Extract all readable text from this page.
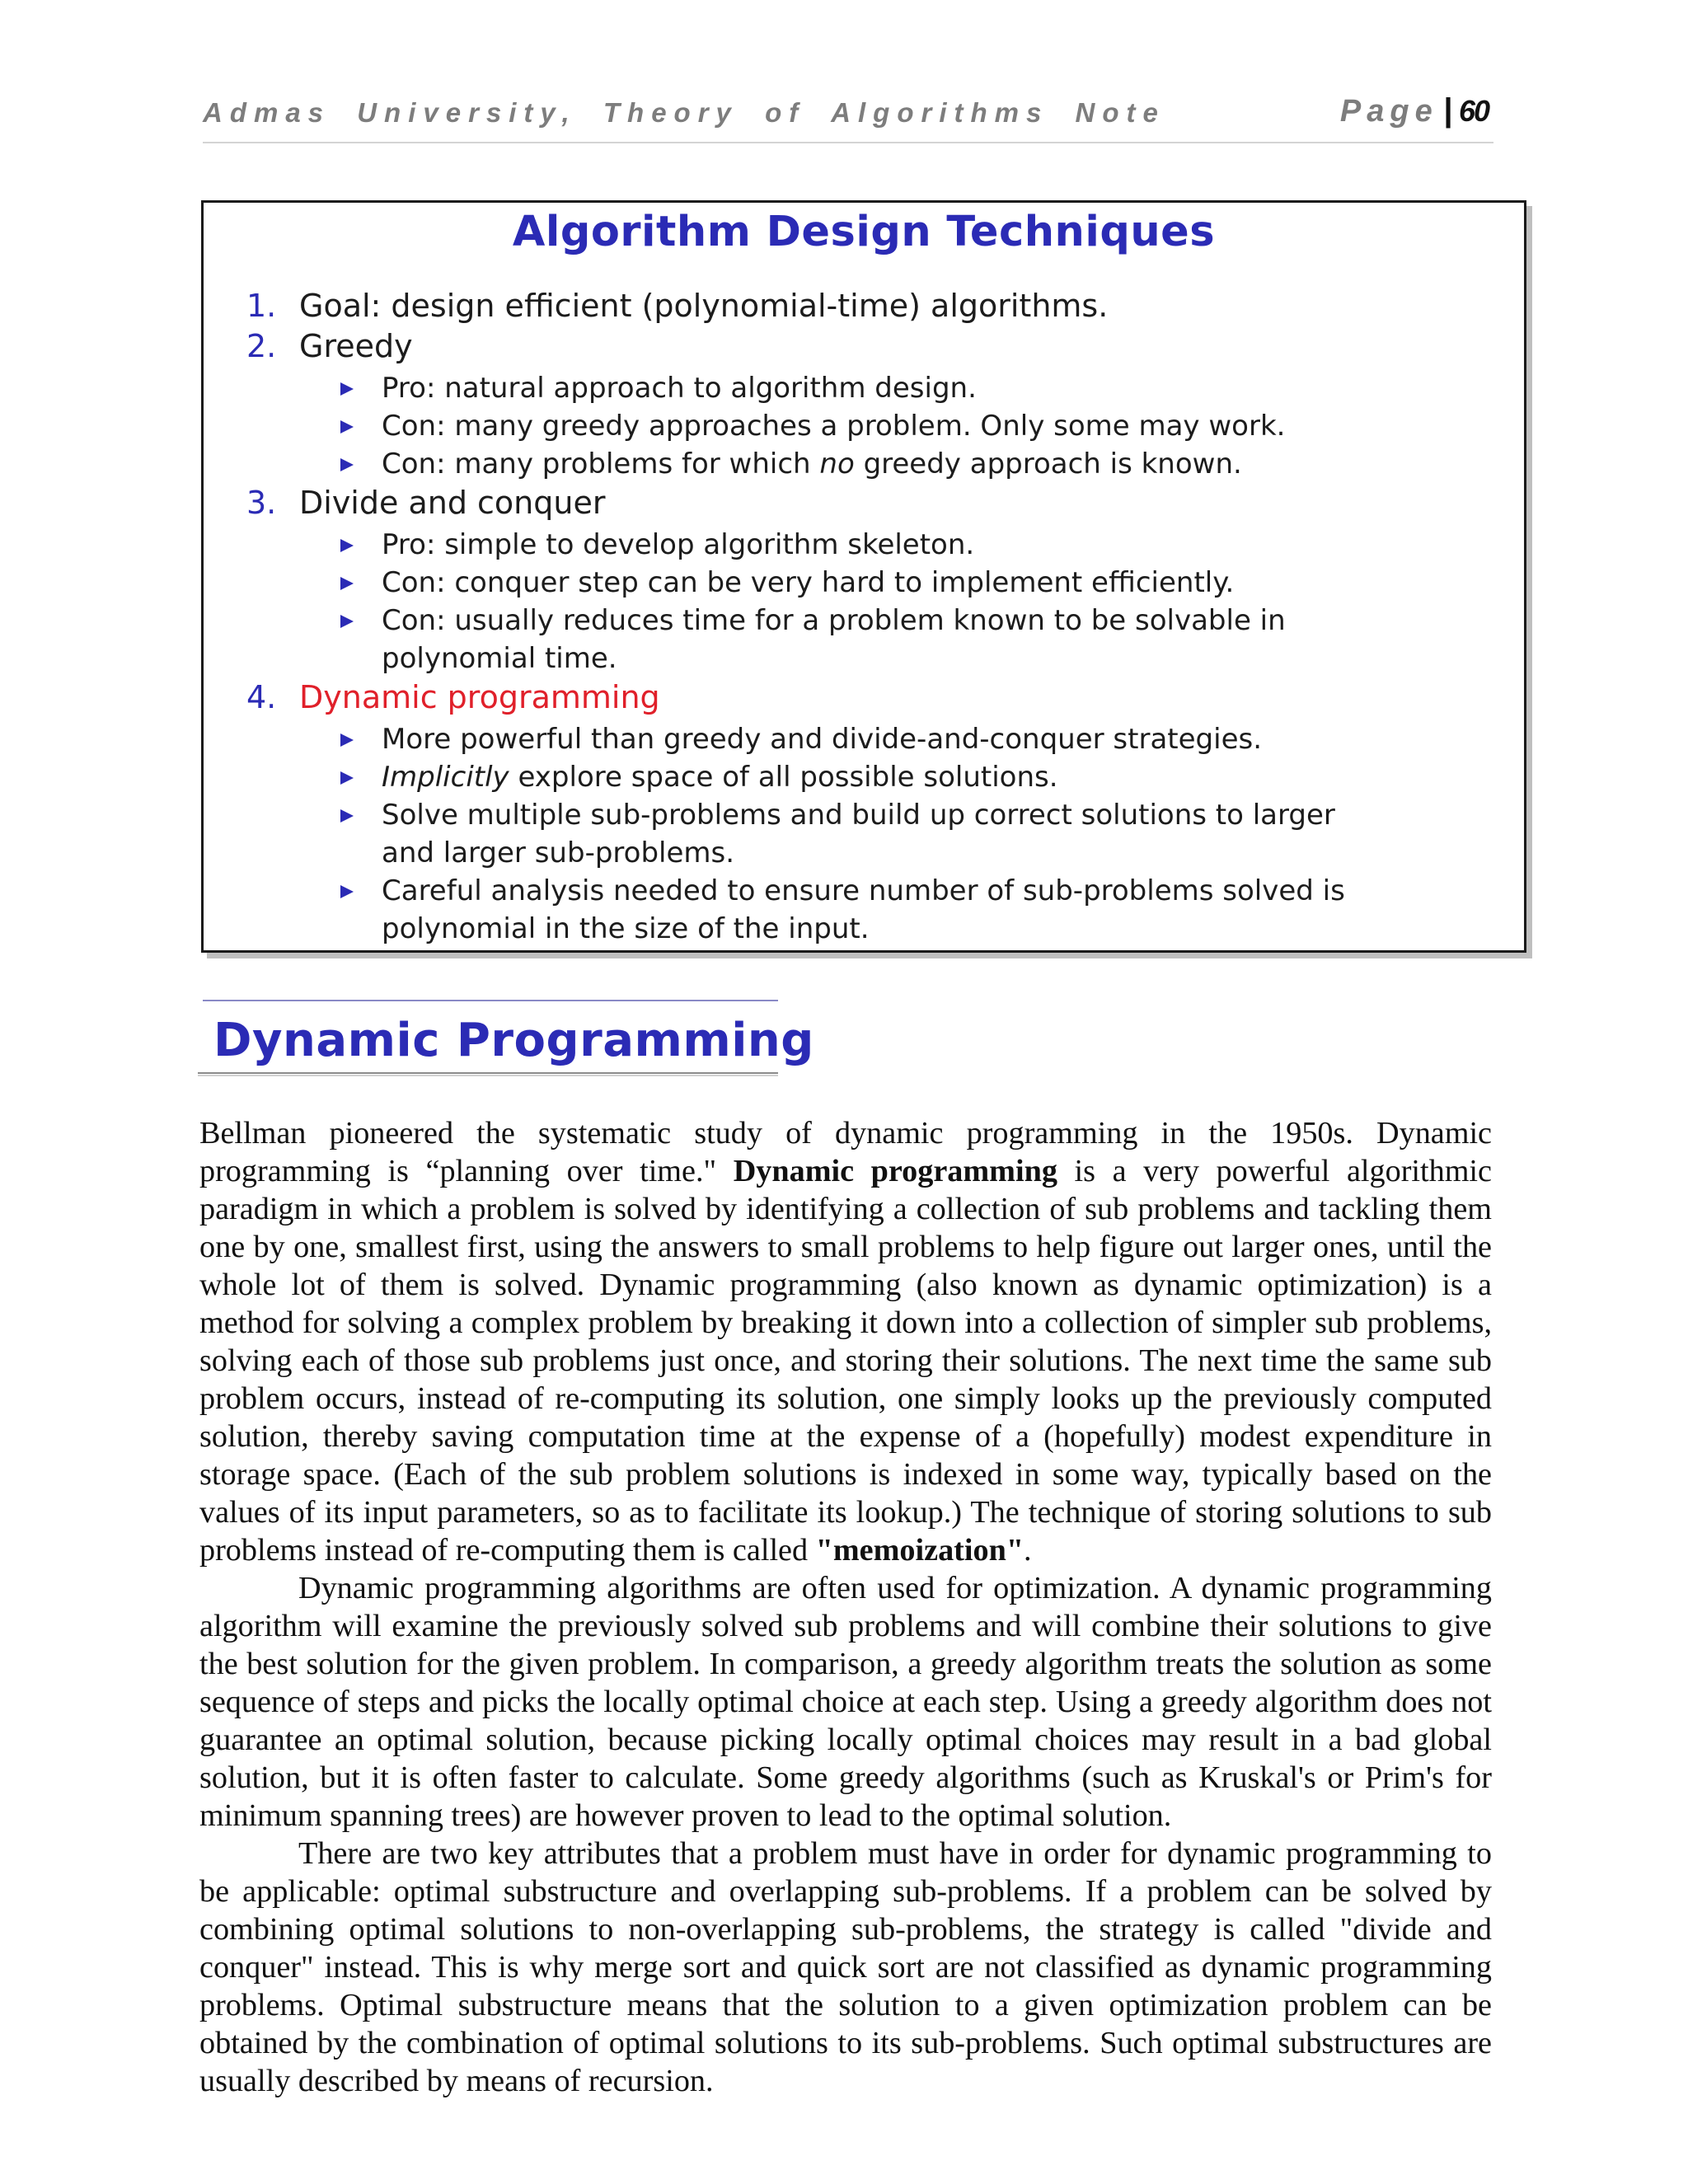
Admas University, Theory of Algorithms Note	Page | 60
Algorithm Design Techniques
1. Goal: design efficient (polynomial-time) algorithms.
2. Greedy
Pro: natural approach to algorithm design.
Con: many greedy approaches a problem. Only some may work.
Con: many problems for which no greedy approach is known.
3. Divide and conquer
Pro: simple to develop algorithm skeleton.
Con: conquer step can be very hard to implement efficiently.
Con: usually reduces time for a problem known to be solvable in
polynomial time.
4. Dynamic programming
More powerful than greedy and divide-and-conquer strategies.
Implicitly explore space of all possible solutions.
Solve multiple sub-problems and build up correct solutions to larger
and larger sub-problems.
Careful analysis needed to ensure number of sub-problems solved is
polynomial in the size of the input.
Dynamic Programming

Bellman pioneered the systematic study of dynamic programming in the 1950s. Dynamic programming is “planning over time." Dynamic programming is a very powerful algorithmic paradigm in which a problem is solved by identifying a collection of sub problems and tackling them one by one, smallest first, using the answers to small problems to help figure out larger ones, until the whole lot of them is solved. Dynamic programming (also known as dynamic optimization) is a method for solving a complex problem by breaking it down into a collection of simpler sub problems, solving each of those sub problems just once, and storing their solutions. The next time the same sub problem occurs, instead of re-computing its solution, one simply looks up the previously computed solution, thereby saving computation time at the expense of a (hopefully) modest expenditure in storage space. (Each of the sub problem solutions is indexed in some way, typically based on the values of its input parameters, so as to facilitate its lookup.) The technique of storing solutions to sub problems instead of re-computing them is called "memoization".

Dynamic programming algorithms are often used for optimization. A dynamic programming algorithm will examine the previously solved sub problems and will combine their solutions to give the best solution for the given problem. In comparison, a greedy algorithm treats the solution as some sequence of steps and picks the locally optimal choice at each step. Using a greedy algorithm does not guarantee an optimal solution, because picking locally optimal choices may result in a bad global solution, but it is often faster to calculate. Some greedy algorithms (such as Kruskal's or Prim's for minimum spanning trees) are however proven to lead to the optimal solution.

There are two key attributes that a problem must have in order for dynamic programming to be applicable: optimal substructure and overlapping sub-problems. If a problem can be solved by combining optimal solutions to non-overlapping sub-problems, the strategy is called "divide and conquer" instead. This is why merge sort and quick sort are not classified as dynamic programming problems. Optimal substructure means that the solution to a given optimization problem can be obtained by the combination of optimal solutions to its sub-problems. Such optimal substructures are usually described by means of recursion.
